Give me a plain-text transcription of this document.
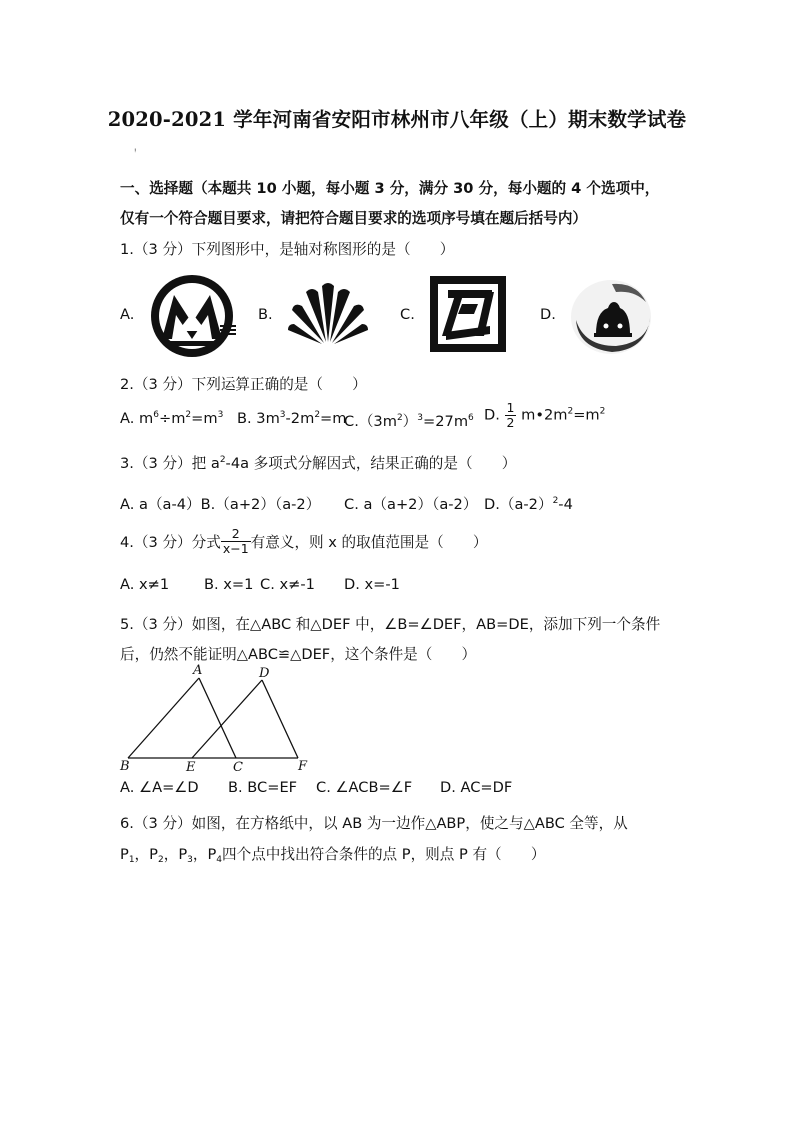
2020-2021 学年河南省安阳市林州市八年级（上）期末数学试卷
ꜝ
一、选择题（本题共 10 小题，每小题 3 分，满分 30 分，每小题的 4 个选项中，
仅有一个符合题目要求，请把符合题目要求的选项序号填在题后括号内）
1.（3 分）下列图形中，是轴对称图形的是（　　）
A.	B.	C.	D.
2.（3 分）下列运算正确的是（　　）
A. $m^6\div m^2=m^3$ B. $3m^3-2m^2=m$
$C.(3m^2)^3=27m^6$ D. $\frac{1}{2}$ $m•2m^2=m^2$
3.（3 分）把 $a^2-4a$ 多项式分解因式，结果正确的是（　　）
A. a（a-4）B.（a+2）（a-2） C. a（a+2）（a-2） $D.(a-2)^2-4$
4.（3 分）分式 $\frac{2}{x-1}$ 有意义，则 x 的取值范围是（　　）
A. x≠1 B. x=1 C. x≠-1 D. x=-1
5.（3 分）如图，在△ABC 和△DEF 中，∠B=∠DEF，AB=DE，添加下列一个条件
后，仍然不能证明△ABC≌△DEF，这个条件是（　　）
A	D
B	E	C	F
A. ∠A=∠D B. BC=EF C. ∠ACB=∠F D. AC=DF
6.（3 分）如图，在方格纸中，以 AB 为一边作△ABP，使之与△ABC 全等，从
$P_1$，$P_2$，$P_3$，$P_4$四个点中找出符合条件的点 P，则点 P 有（　　）
